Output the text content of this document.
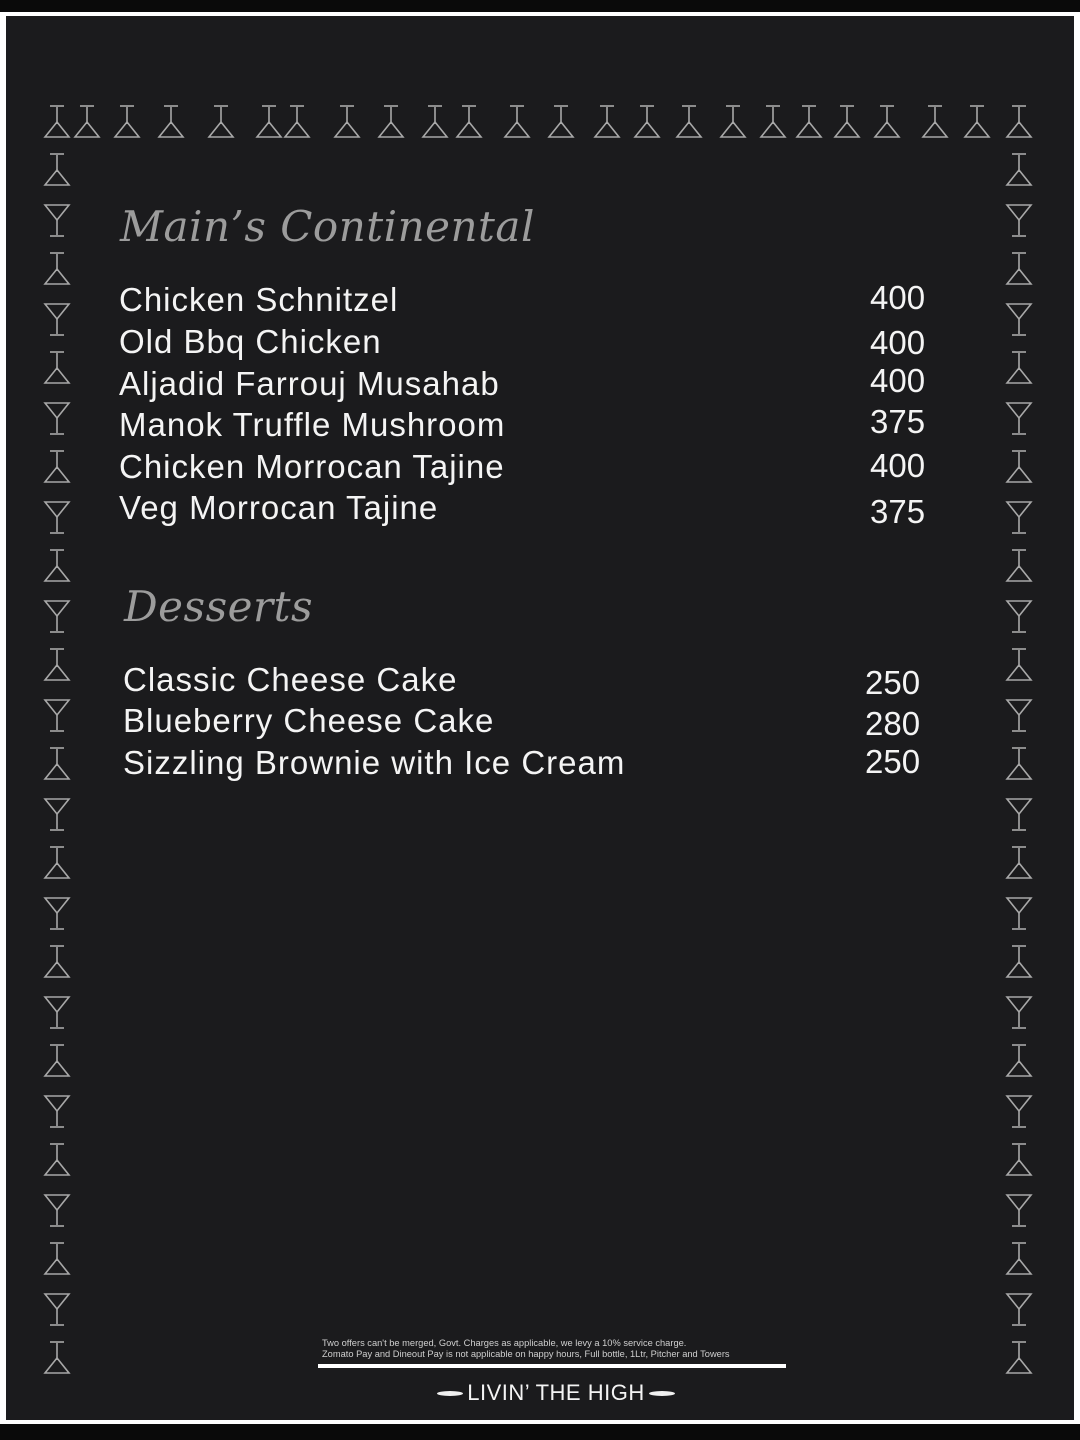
Main’s Continental
Chicken Schnitzel	400
Old Bbq Chicken	400
Aljadid Farrouj Musahab	400
Manok Truffle Mushroom	375
Chicken Morrocan Tajine	400
Veg Morrocan Tajine	375
Desserts
Classic Cheese Cake	250
Blueberry Cheese Cake	280
Sizzling Brownie with Ice Cream	250
Two offers can't be merged, Govt. Charges as applicable, we levy a 10% service charge.
Zomato Pay and Dineout Pay is not applicable on happy hours, Full bottle, 1Ltr, Pitcher and Towers
LIVIN’ THE HIGH
